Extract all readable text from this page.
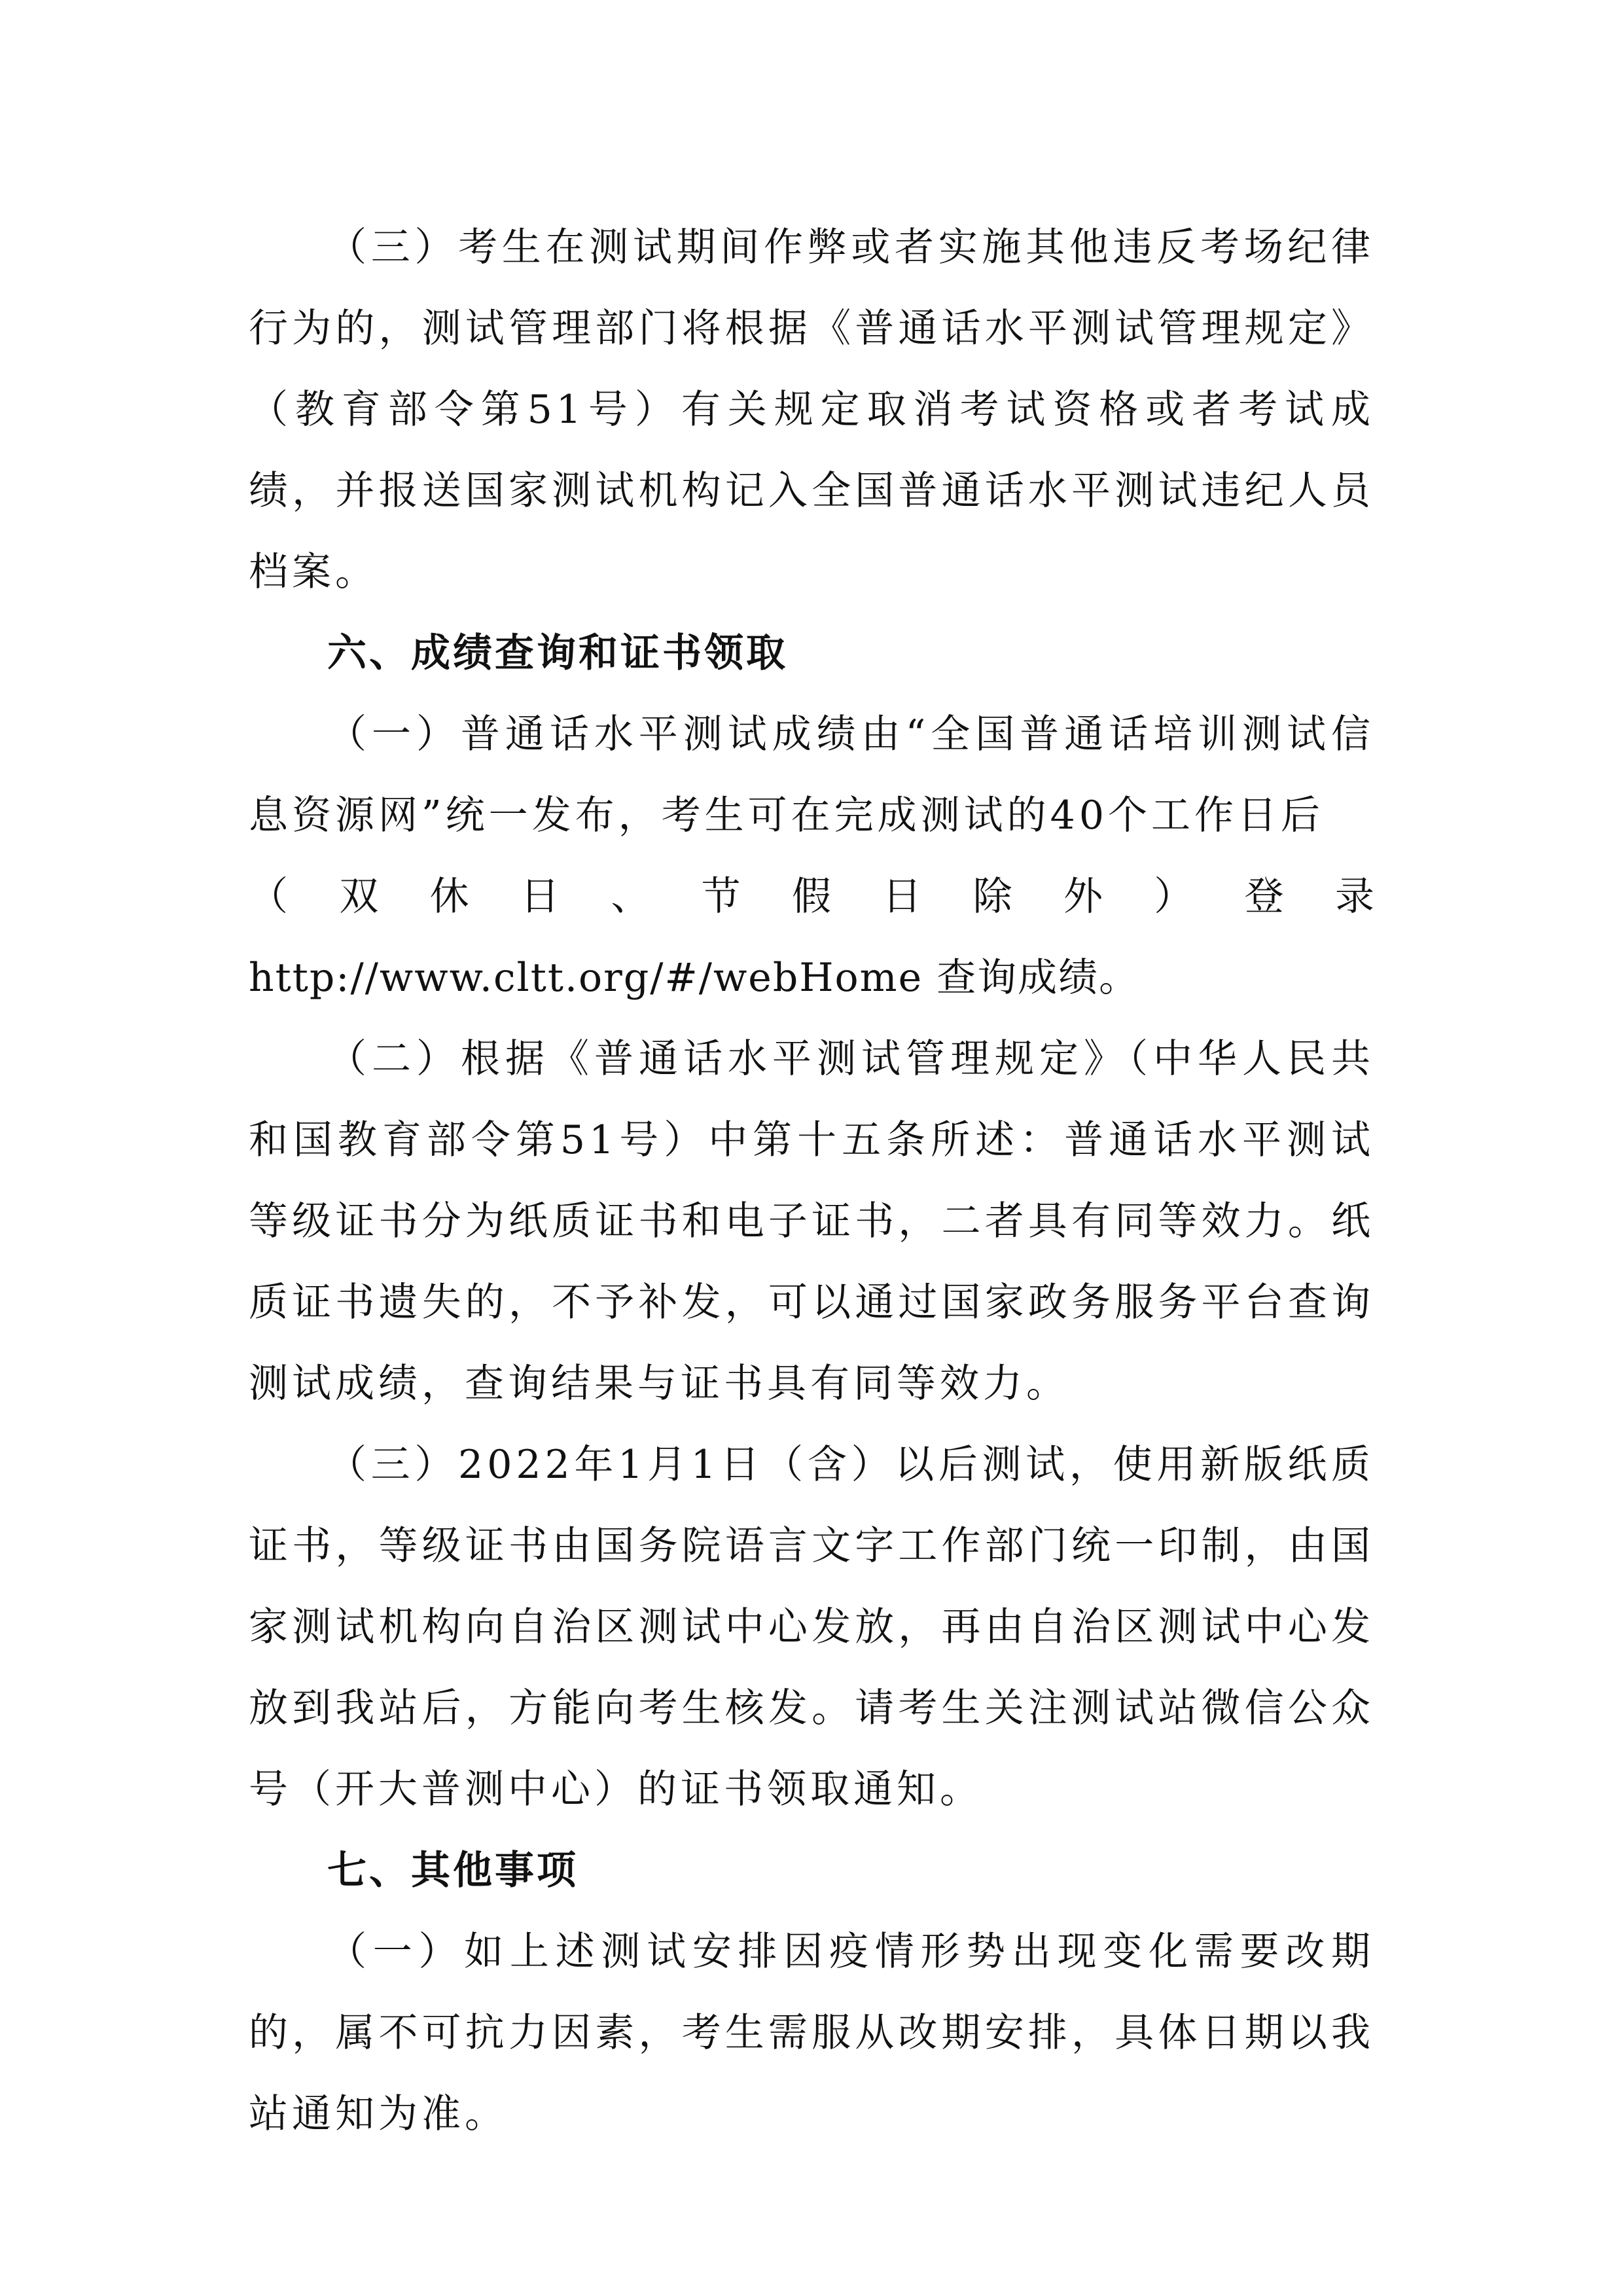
（三）考生在测试期间作弊或者实施其他违反考场纪律行为的，测试管理部门将根据《普通话水平测试管理规定》（教育部令第51号）有关规定取消考试资格或者考试成绩，并报送国家测试机构记入全国普通话水平测试违纪人员档案。

六、成绩查询和证书领取

（一）普通话水平测试成绩由“全国普通话培训测试信息资源网”统一发布，考生可在完成测试的40个工作日后

（ 双 休 日 、 节 假 日 除 外 ） 登 录

http://www.cltt.org/#/webHome 查询成绩。

（二）根据《普通话水平测试管理规定》（中华人民共和国教育部令第51号）中第十五条所述：普通话水平测试等级证书分为纸质证书和电子证书，二者具有同等效力。纸质证书遗失的，不予补发，可以通过国家政务服务平台查询测试成绩，查询结果与证书具有同等效力。

（三）2022年1月1日（含）以后测试，使用新版纸质证书，等级证书由国务院语言文字工作部门统一印制，由国家测试机构向自治区测试中心发放，再由自治区测试中心发放到我站后，方能向考生核发。请考生关注测试站微信公众号（开大普测中心）的证书领取通知。

七、其他事项

（一）如上述测试安排因疫情形势出现变化需要改期的，属不可抗力因素，考生需服从改期安排，具体日期以我站通知为准。
